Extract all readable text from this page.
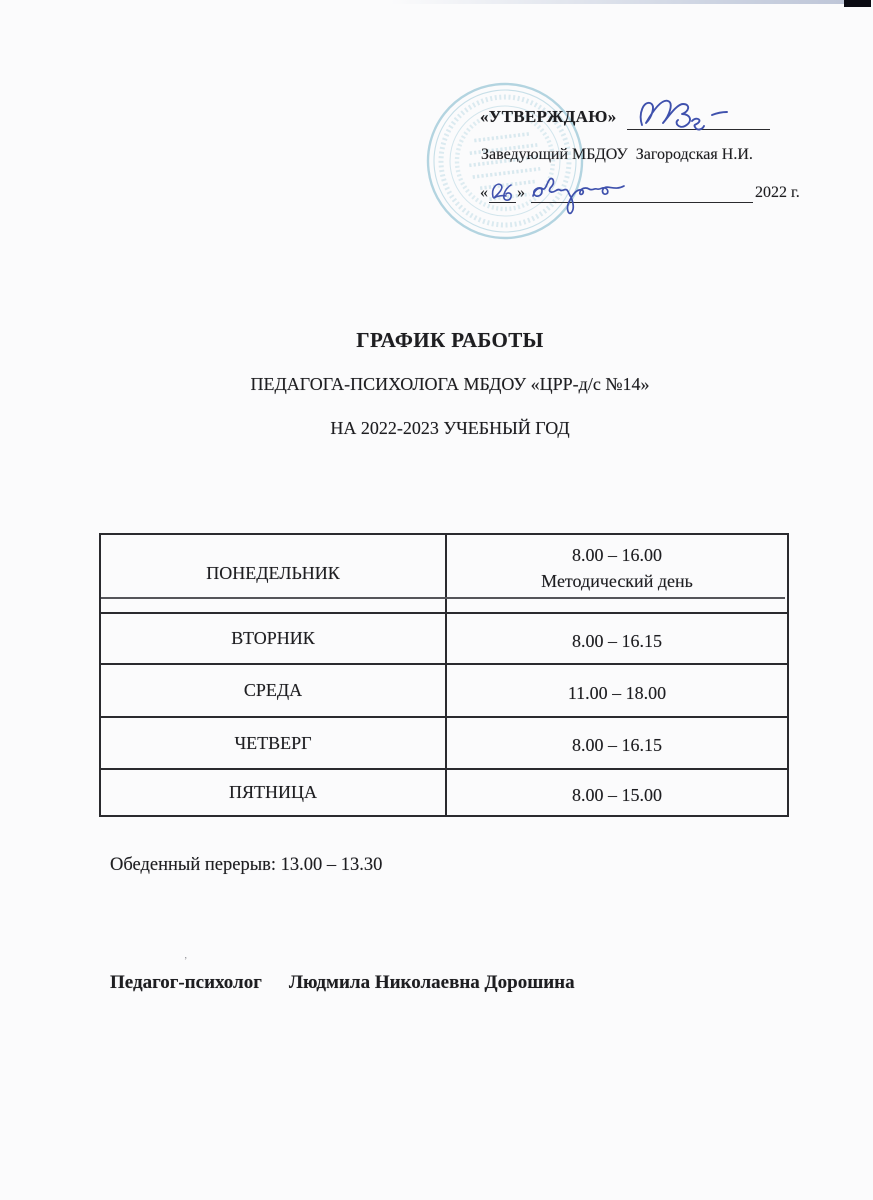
’
«УТВЕРЖДАЮ»
Заведующий МБДОУ  Загородская Н.И.
« »	2022 г.
ГРАФИК РАБОТЫ
ПЕДАГОГА-ПСИХОЛОГА МБДОУ «ЦРР-д/с №14»
НА 2022-2023 УЧЕБНЫЙ ГОД
ПОНЕДЕЛЬНИК	8.00 – 16.00
Методический день

ВТОРНИК	8.00 – 16.15
СРЕДА	11.00 – 18.00
ЧЕТВЕРГ	8.00 – 16.15
ПЯТНИЦА	8.00 – 15.00
Обеденный перерыв: 13.00 – 13.30
Педагог-психолог Людмила Николаевна Дорошина
